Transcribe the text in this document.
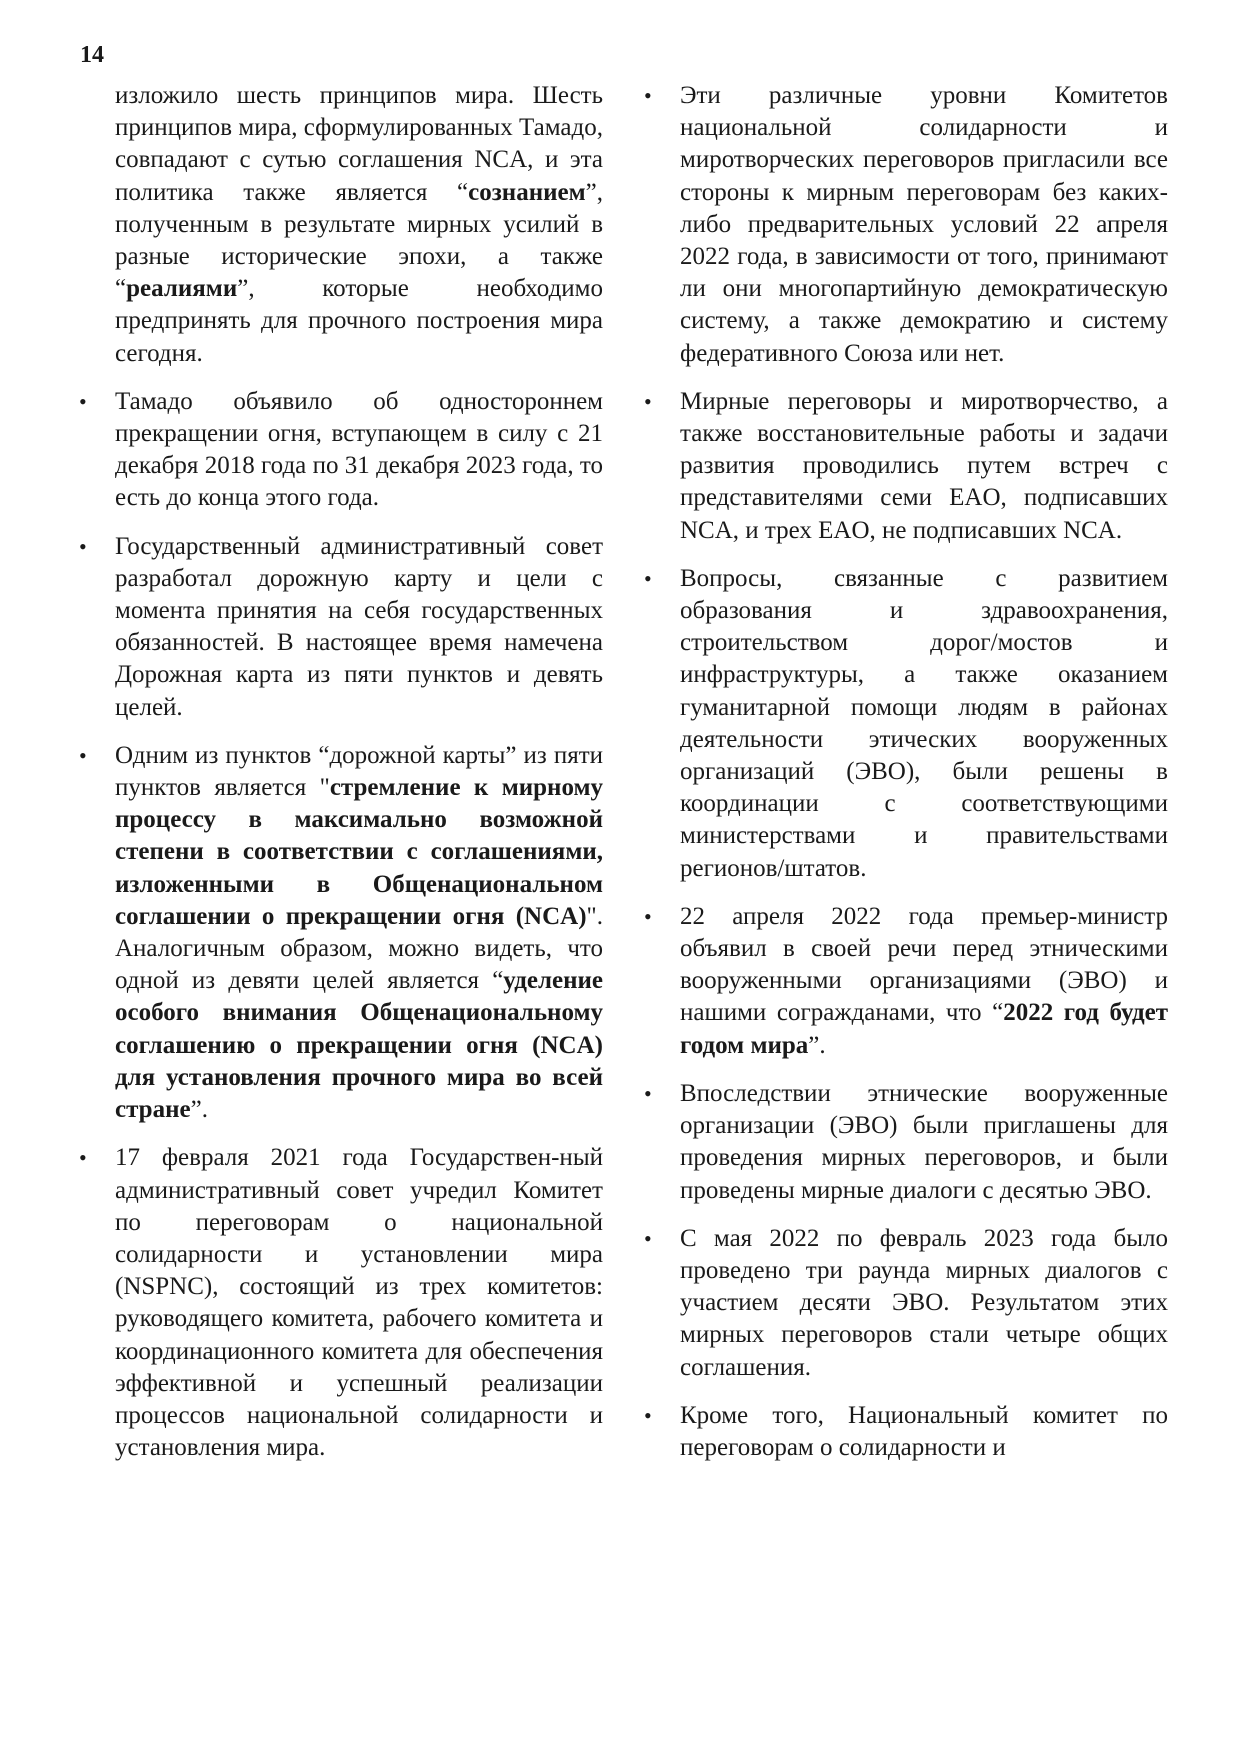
14

изложило шесть принципов мира. Шесть принципов мира, сформулированных Тамадо, совпадают с сутью соглашения NCA, и эта политика также является “сознанием”, полученным в результате мирных усилий в разные исторические эпохи, а также “реалиями”, которые необходимо предпринять для прочного построения мира сегодня.

• Тамадо объявило об одностороннем прекращении огня, вступающем в силу с 21 декабря 2018 года по 31 декабря 2023 года, то есть до конца этого года.

• Государственный административный совет разработал дорожную карту и цели с момента принятия на себя государственных обязанностей. В настоящее время намечена Дорожная карта из пяти пунктов и девять целей.

• Одним из пунктов “дорожной карты” из пяти пунктов является "стремление к мирному процессу в максимально возможной степени в соответствии с соглашениями, изложенными в Общенациональном соглашении о прекращении огня (NCA)". Аналогичным образом, можно видеть, что одной из девяти целей является “уделение особого внимания Общенациональному соглашению о прекращении огня (NCA) для установления прочного мира во всей стране”.

• 17 февраля 2021 года Государствен-ный административный совет учредил Комитет по переговорам о национальной солидарности и установлении мира (NSPNC), состоящий из трех комитетов: руководящего комитета, рабочего комитета и координационного комитета для обеспечения эффективной и успешный реализации процессов национальной солидарности и установления мира.

• Эти различные уровни Комитетов национальной солидарности и миротворческих переговоров пригласили все стороны к мирным переговорам без каких-либо предварительных условий 22 апреля 2022 года, в зависимости от того, принимают ли они многопартийную демократическую систему, а также демократию и систему федеративного Союза или нет.

• Мирные переговоры и миротворчество, а также восстановительные работы и задачи развития проводились путем встреч с представителями семи EAO, подписавших NCA, и трех EAO, не подписавших NCA.

• Вопросы, связанные с развитием образования и здравоохранения, строительством дорог/мостов и инфраструктуры, а также оказанием гуманитарной помощи людям в районах деятельности этических вооруженных организаций (ЭВО), были решены в координации с соответствующими министерствами и правительствами регионов/штатов.

• 22 апреля 2022 года премьер-министр объявил в своей речи перед этническими вооруженными организациями (ЭВО) и нашими согражданами, что “2022 год будет годом мира”.

• Впоследствии этнические вооруженные организации (ЭВО) были приглашены для проведения мирных переговоров, и были проведены мирные диалоги с десятью ЭВО.

• С мая 2022 по февраль 2023 года было проведено три раунда мирных диалогов с участием десяти ЭВО. Результатом этих мирных переговоров стали четыре общих соглашения.

• Кроме того, Национальный комитет по переговорам о солидарности и
